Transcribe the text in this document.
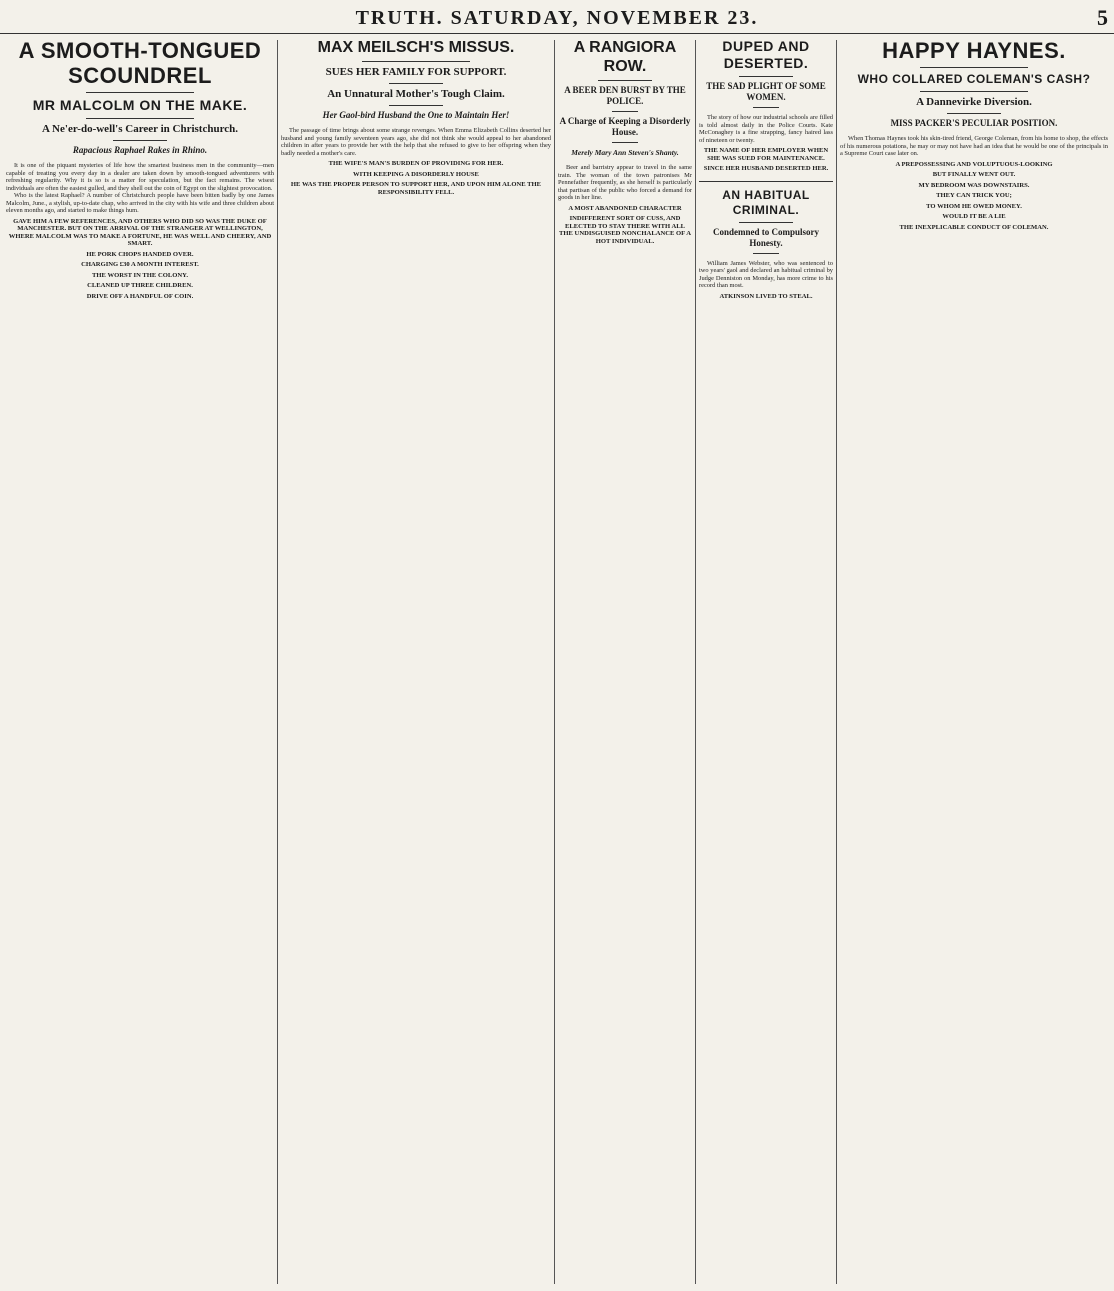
TRUTH. SATURDAY, NOVEMBER 23.	5
A SMOOTH-TONGUED SCOUNDREL
MR MALCOLM ON THE MAKE.
A Ne'er-do-well's Career in Christchurch.
Rapacious Raphael Rakes in Rhino.

It is one of the piquant mysteries of life how the smartest business men in the community—men capable of treating you every day in a dealer are taken down by smooth-tongued adventurers with refreshing regularity. Why it is so is a matter for speculation, but the fact remains. The wisest individuals are often the easiest gulled, and they shell out the coin of Egypt on the slightest provocation.

Who is the latest Raphael? A number of Christchurch people have been bitten badly by one James Malcolm, June., a stylish, up-to-date chap, who arrived in the city with his wife and three children about eleven months ago, and started to make things hum.

GAVE HIM A FEW REFERENCES, AND OTHERS WHO DID SO WAS THE DUKE OF MANCHESTER. BUT ON THE ARRIVAL OF THE STRANGER AT WELLINGTON, WHERE MALCOLM WAS TO MAKE A FORTUNE, HE WAS WELL AND CHEERY, AND SMART.
HE PORK CHOPS HANDED OVER.
CHARGING £30 A MONTH INTEREST.
THE WORST IN THE COLONY.
CLEANED UP THREE CHILDREN.
DRIVE OFF A HANDFUL OF COIN.
MAX MEILSCH'S MISSUS.
SUES HER FAMILY FOR SUPPORT.
An Unnatural Mother's Tough Claim.
Her Gaol-bird Husband the One to Maintain Her!

The passage of time brings about some strange revenges. When Emma Elizabeth Collins deserted her husband and young family seventeen years ago, she did not think she would appeal to her abandoned children in after years to provide her with the help that she refused to give to her offspring when they badly needed a mother's care.

THE WIFE'S MAN'S BURDEN OF PROVIDING FOR HER.
WITH KEEPING A DISORDERLY HOUSE
HE WAS THE PROPER PERSON TO SUPPORT HER, AND UPON HIM ALONE THE RESPONSIBILITY FELL.
A RANGIORA ROW.
A BEER DEN BURST BY THE POLICE.
A Charge of Keeping a Disorderly House.
Merely Mary Ann Steven's Shanty.

Beer and barristry appear to travel in the same train. The woman of the town patronises Mr Pennefather frequently, as she herself is particularly that partisan of the public who forced a demand for goods in her line.

A MOST ABANDONED CHARACTER
INDIFFERENT SORT OF CUSS, AND ELECTED TO STAY THERE WITH ALL THE UNDISGUISED NONCHALANCE OF A HOT INDIVIDUAL.
DUPED AND DESERTED.
THE SAD PLIGHT OF SOME WOMEN.

The story of how our industrial schools are filled is told almost daily in the Police Courts. Kate McConaghey is a fine strapping, fancy haired lass of nineteen or twenty.

THE NAME OF HER EMPLOYER WHEN SHE WAS SUED FOR MAINTENANCE.
SINCE HER HUSBAND DESERTED HER.
AN HABITUAL CRIMINAL.
Condemned to Compulsory Honesty.

William James Webster, who was sentenced to two years' gaol and declared an habitual criminal by Judge Denniston on Monday, has more crime to his record than most.

ATKINSON LIVED TO STEAL.
HAPPY HAYNES.
WHO COLLARED COLEMAN'S CASH?
A Dannevirke Diversion.
MISS PACKER'S PECULIAR POSITION.

When Thomas Haynes took his skin-tired friend, George Coleman, from his home to shop, the effects of his numerous potations, he may or may not have had an idea that he would be one of the principals in a Supreme Court case later on.

A PREPOSSESSING AND VOLUPTUOUS-LOOKING
BUT FINALLY WENT OUT.
MY BEDROOM WAS DOWNSTAIRS.
THEY CAN TRICK YOU;
TO WHOM HE OWED MONEY.
WOULD IT BE A LIE
THE INEXPLICABLE CONDUCT OF COLEMAN.
